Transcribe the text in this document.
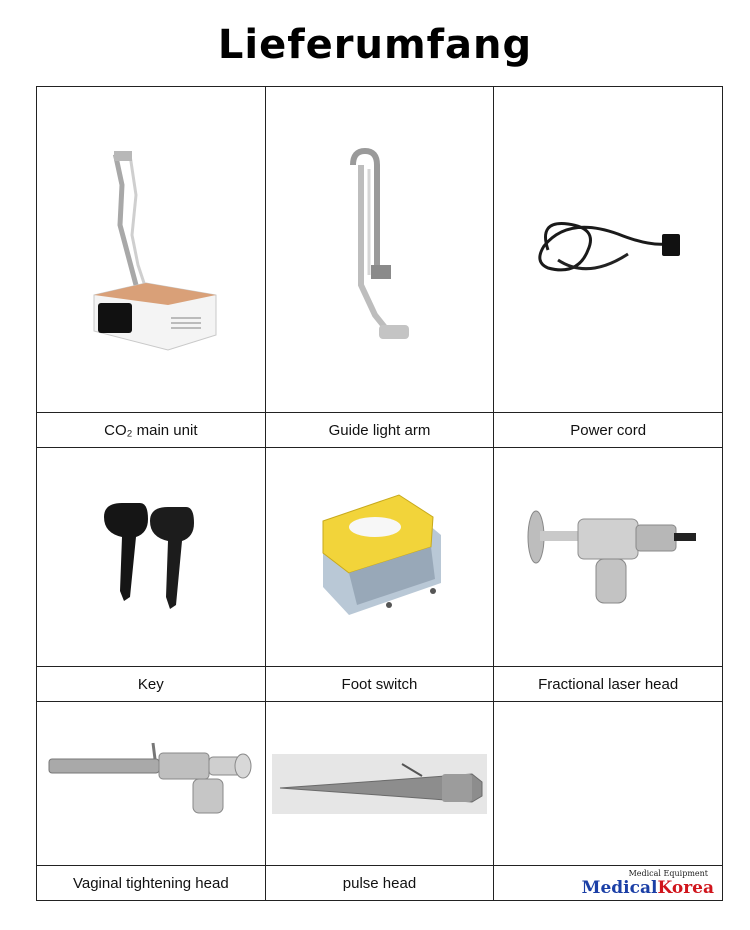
Lieferumfang

CO₂ main unit	Guide light arm	Power cord

Key	Foot switch	Fractional laser head

Vaginal tightening head	pulse head	Medical Equipment
MedicalKorea
